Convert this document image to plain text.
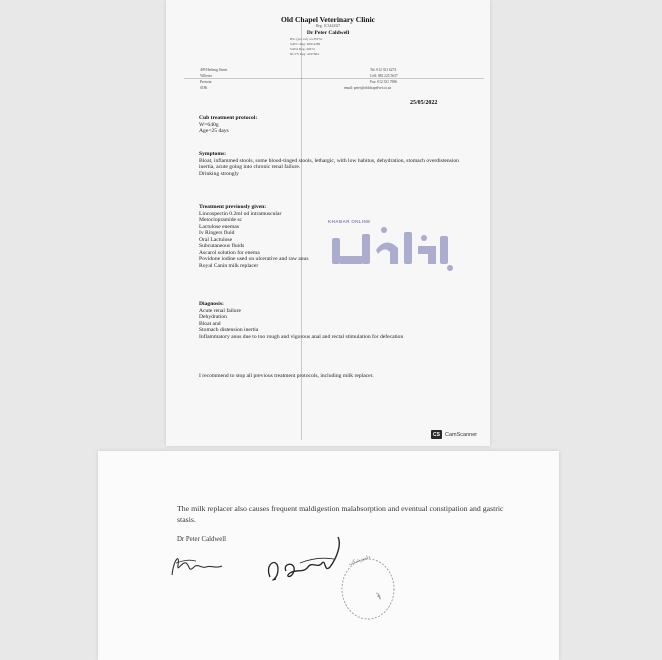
Old Chapel Veterinary Clinic
Reg: 1C3444327
Dr Peter Caldwell
BSc (pre vet) ocs BVSc
SAVC Reg: D99 4286
SAVA Reg: 40474
RCVS Reg: 4197664
499 Herberg Street
Villieria
Pretoria
0186
Tel: 012 331 6274
Cell: 082 225 5637
Fax: 012 331 7696
email: peter@oldchapelvet.co.za
25/05/2022
Cub treatment protocol:
W=640g
Age=25 days
Symptoms:
Bloat, inflammed stools, some blood-tinged stools, lethargic, with low habitus, dehydration, stomach overdistension inertia, acute going into chronic renal failure.
Drinking strongly
Treatment previously given:
Lincospectin 0.2ml od intramuscular
Metoclopramide sc
Lactulose enemas
Iv Ringers fluid
Oral Lactulose
Subcutaneous fluids
Ascarol solution for enema
Povidone iodine used on ulcerative and raw anus
Royal Canin milk replacer
Diagnosis:
Acute renal failure
Dehydration
Bloat and
Stomach distension inertia
Inflammatory anus due to too rough and vigorous anal and rectal stimulation for defecation
I recommend to stop all previous treatment protocols, including milk replacer.
KHABAR ONLINE
CS CamScanner
The milk replacer also causes frequent maldigestion malabsorption and eventual constipation and gastric stasis.
Dr Peter Caldwell
دامپزشکی
مهر
